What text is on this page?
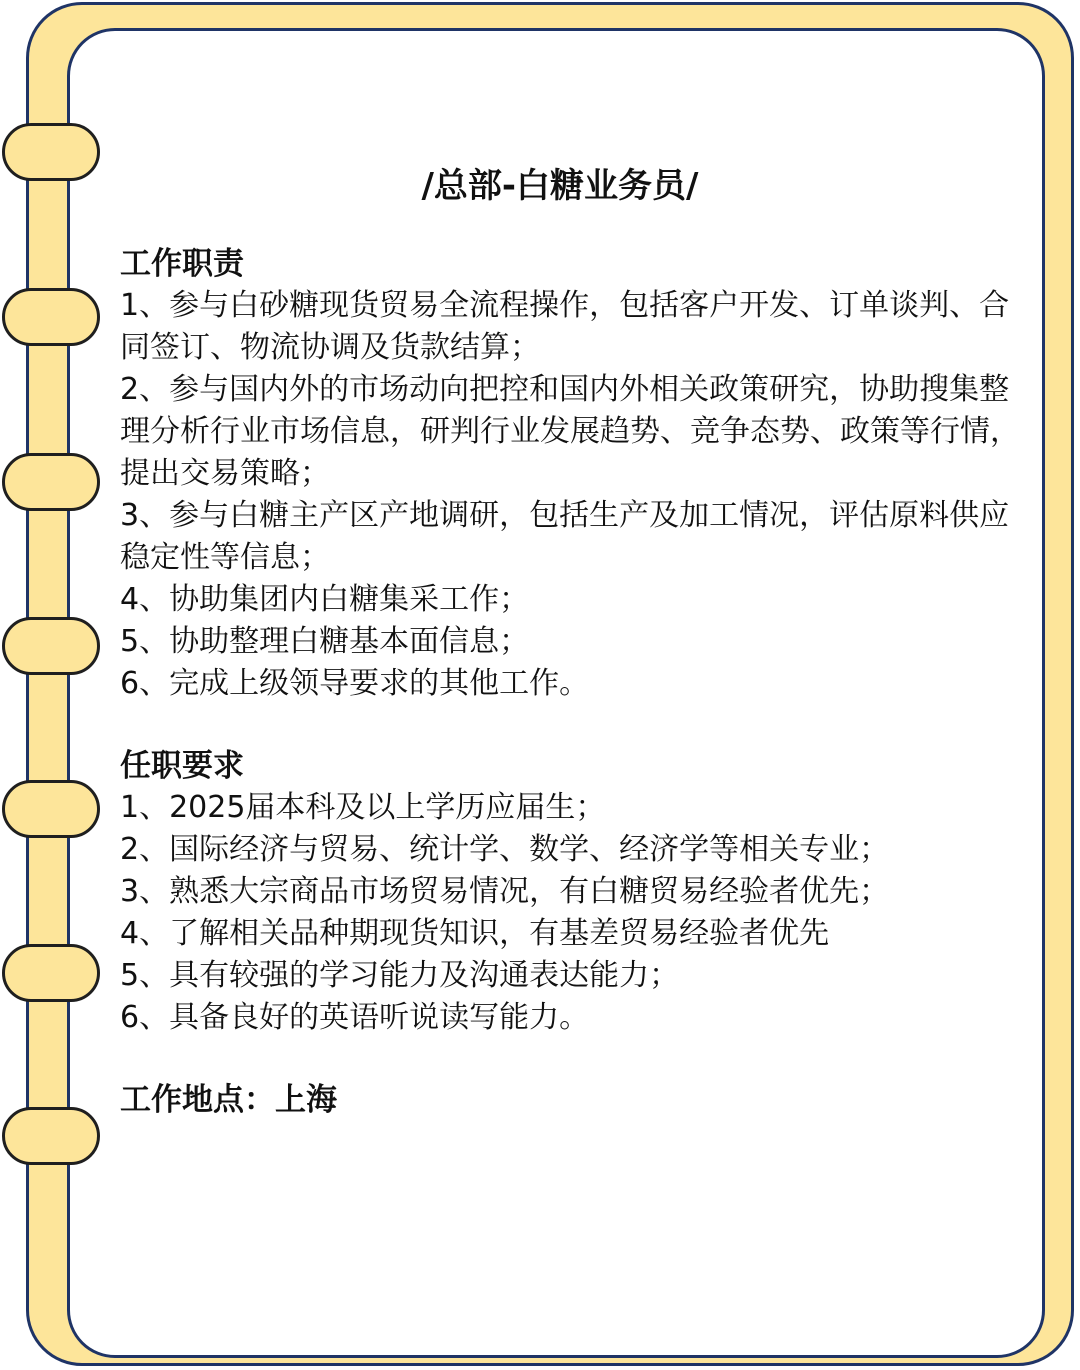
/总部-白糖业务员/
工作职责

1、参与白砂糖现货贸易全流程操作，包括客户开发、订单谈判、合同签订、物流协调及货款结算；

2、参与国内外的市场动向把控和国内外相关政策研究，协助搜集整理分析行业市场信息，研判行业发展趋势、竞争态势、政策等行情，提出交易策略；

3、参与白糖主产区产地调研，包括生产及加工情况，评估原料供应稳定性等信息；

4、协助集团内白糖集采工作；

5、协助整理白糖基本面信息；

6、完成上级领导要求的其他工作。

任职要求

1、2025届本科及以上学历应届生；

2、国际经济与贸易、统计学、数学、经济学等相关专业；

3、熟悉大宗商品市场贸易情况，有白糖贸易经验者优先；

4、了解相关品种期现货知识，有基差贸易经验者优先

5、具有较强的学习能力及沟通表达能力；

6、具备良好的英语听说读写能力。

工作地点：上海
